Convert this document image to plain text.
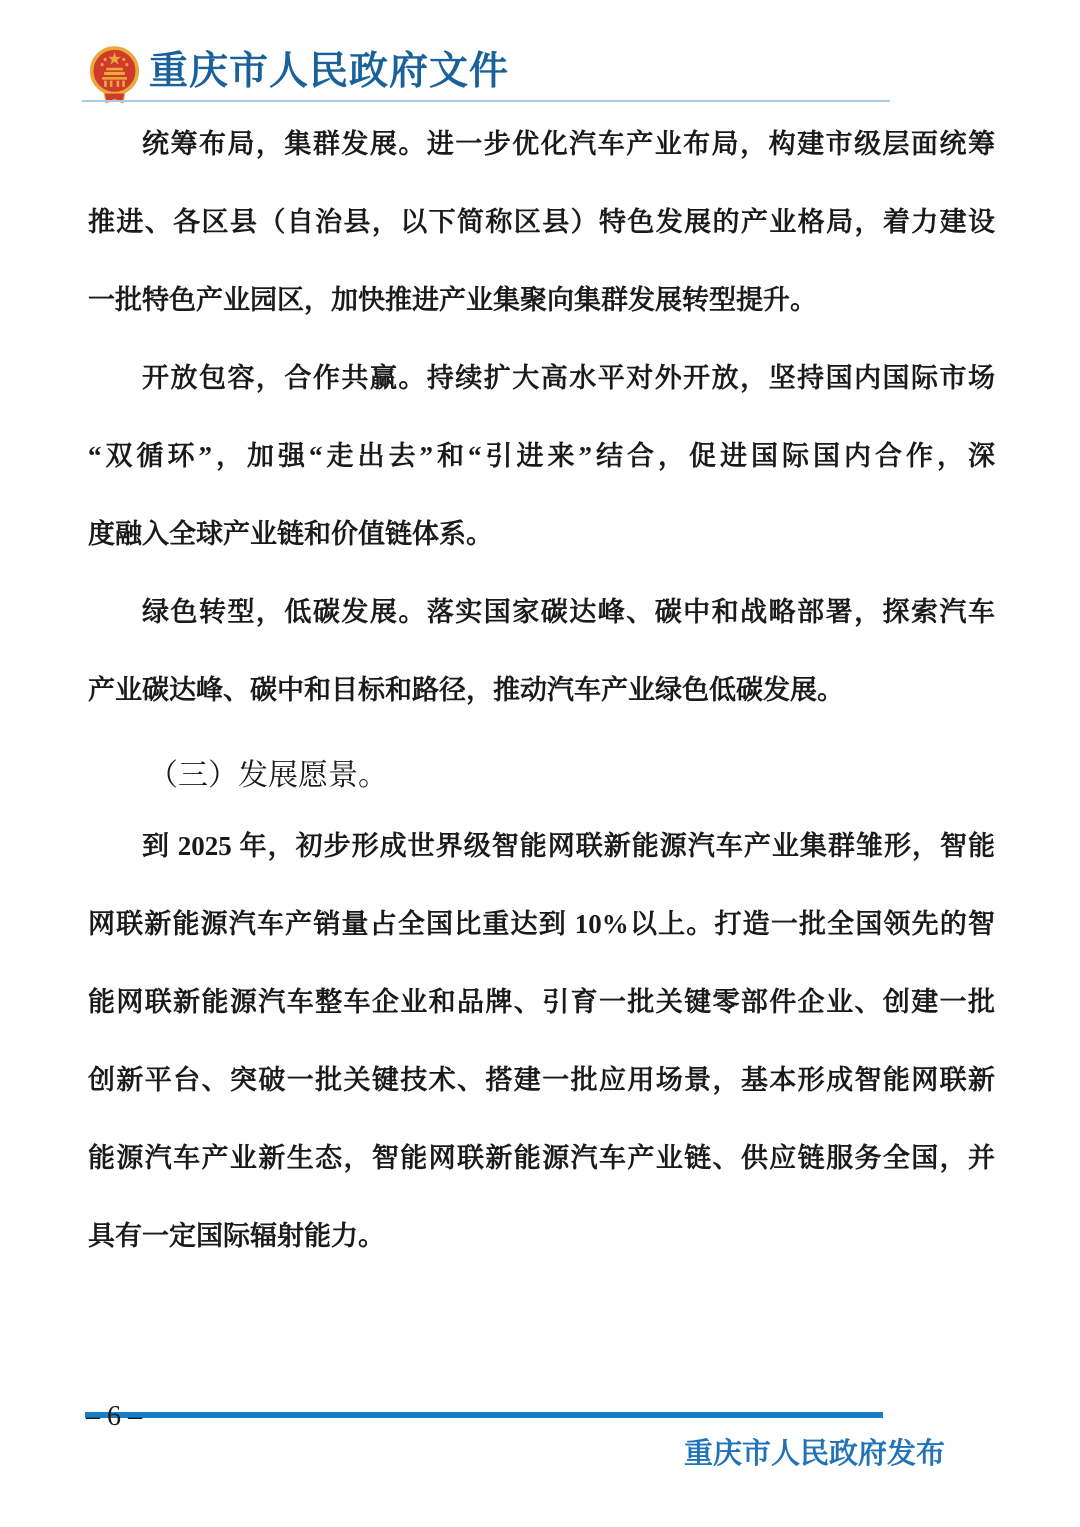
重庆市人民政府文件
统筹布局，集群发展。进一步优化汽车产业布局，构建市级层面统筹
推进、各区县（自治县，以下简称区县）特色发展的产业格局，着力建设
一批特色产业园区，加快推进产业集聚向集群发展转型提升。
开放包容，合作共赢。持续扩大高水平对外开放，坚持国内国际市场
“双循环”，加强“走出去”和“引进来”结合，促进国际国内合作，深
度融入全球产业链和价值链体系。
绿色转型，低碳发展。落实国家碳达峰、碳中和战略部署，探索汽车
产业碳达峰、碳中和目标和路径，推动汽车产业绿色低碳发展。
（三）发展愿景。
到 2025 年，初步形成世界级智能网联新能源汽车产业集群雏形，智能
网联新能源汽车产销量占全国比重达到 10%以上。打造一批全国领先的智
能网联新能源汽车整车企业和品牌、引育一批关键零部件企业、创建一批
创新平台、突破一批关键技术、搭建一批应用场景，基本形成智能网联新
能源汽车产业新生态，智能网联新能源汽车产业链、供应链服务全国，并
具有一定国际辐射能力。
– 6 –
重庆市人民政府发布
